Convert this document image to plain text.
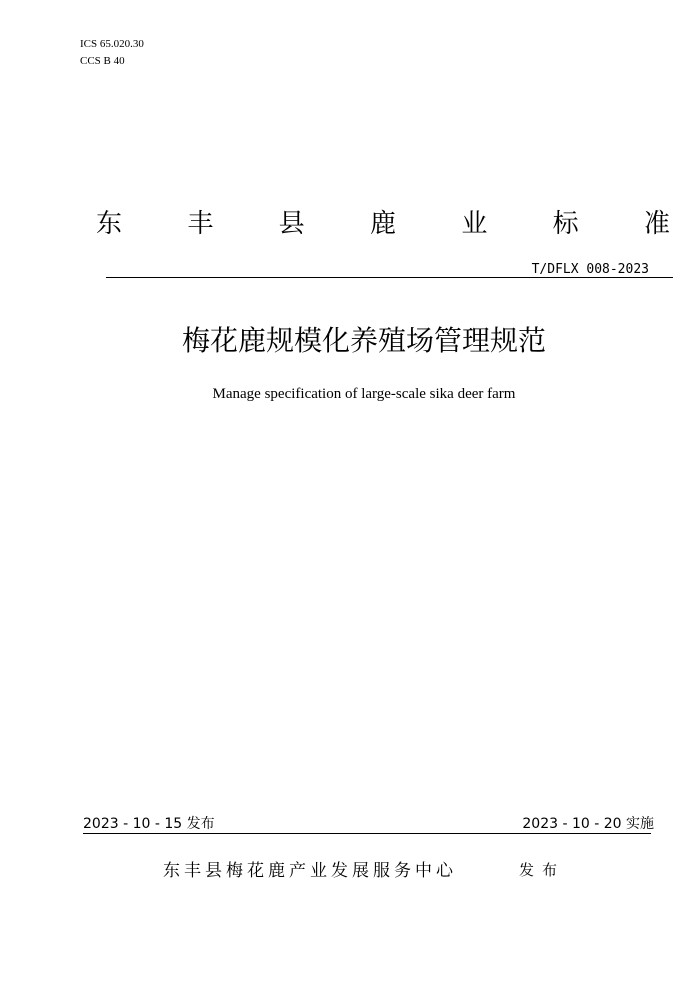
ICS 65.020.30
CCS B 40
东	丰	县	鹿	业	标	准
T/DFLX 008-2023
梅花鹿规模化养殖场管理规范
Manage specification of large-scale sika deer farm
2023 - 10 - 15 发布	2023 - 10 - 20 实施
东丰县梅花鹿产业发展服务中心	发布
